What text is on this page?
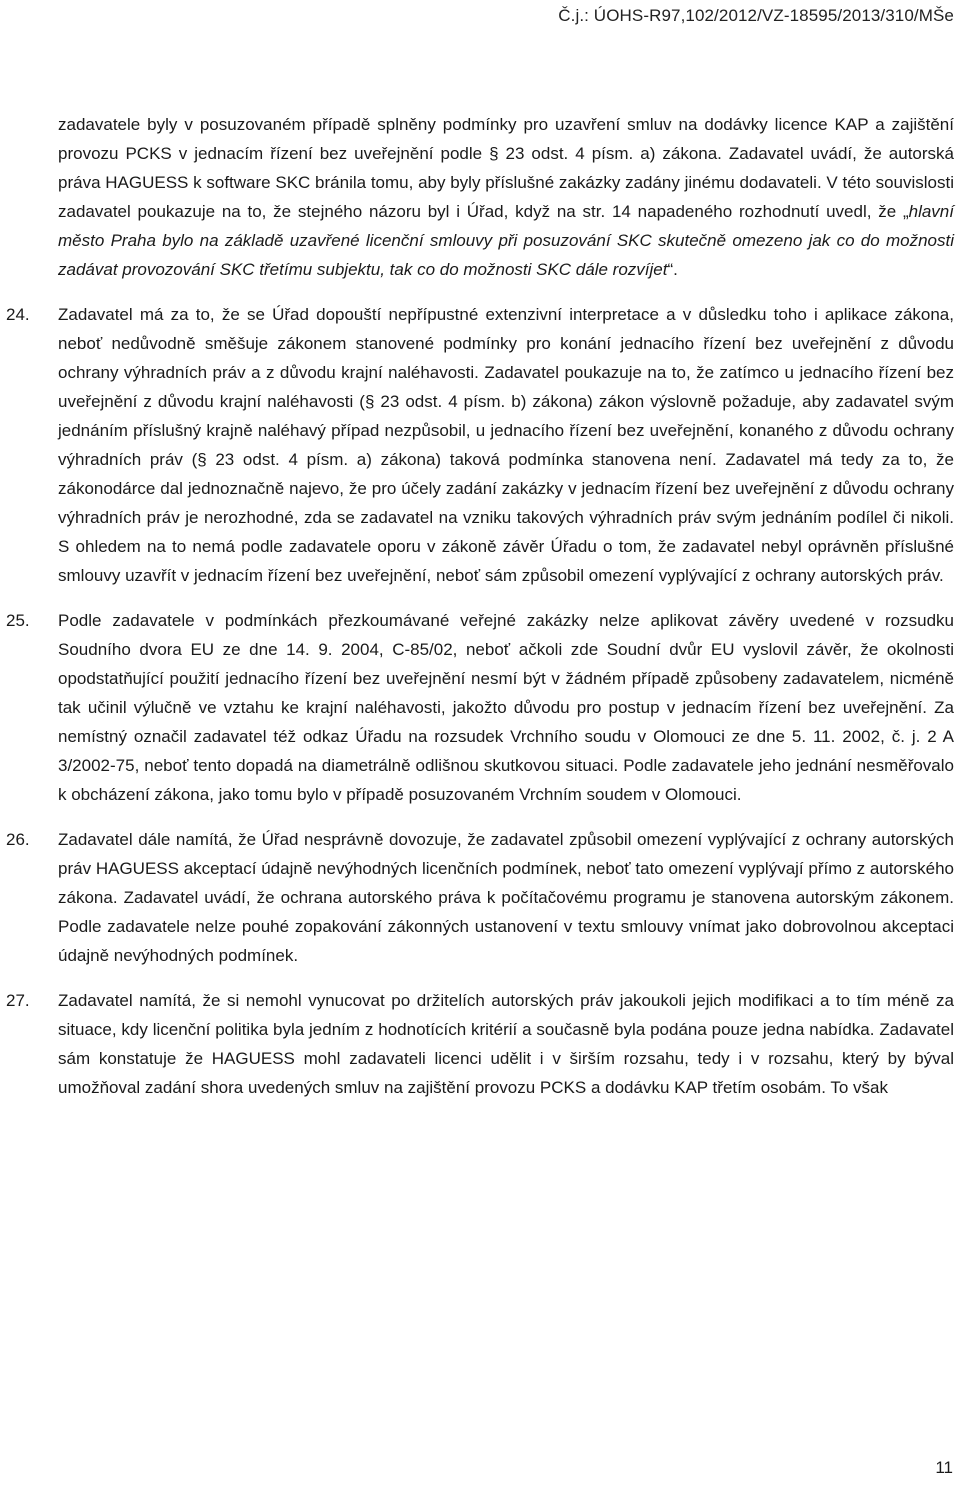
Č.j.: ÚOHS-R97,102/2012/VZ-18595/2013/310/MŠe

zadavatele byly v posuzovaném případě splněny podmínky pro uzavření smluv na dodávky licence KAP a zajištění provozu PCKS v jednacím řízení bez uveřejnění podle § 23 odst. 4 písm. a) zákona. Zadavatel uvádí, že autorská práva HAGUESS k software SKC bránila tomu, aby byly příslušné zakázky zadány jinému dodavateli. V této souvislosti zadavatel poukazuje na to, že stejného názoru byl i Úřad, když na str. 14 napadeného rozhodnutí uvedl, že „hlavní město Praha bylo na základě uzavřené licenční smlouvy při posuzování SKC skutečně omezeno jak co do možnosti zadávat provozování SKC třetímu subjektu, tak co do možnosti SKC dále rozvíjet“.

24. Zadavatel má za to, že se Úřad dopouští nepřípustné extenzivní interpretace a v důsledku toho i aplikace zákona, neboť nedůvodně směšuje zákonem stanovené podmínky pro konání jednacího řízení bez uveřejnění z důvodu ochrany výhradních práv a z důvodu krajní naléhavosti. Zadavatel poukazuje na to, že zatímco u jednacího řízení bez uveřejnění z důvodu krajní naléhavosti (§ 23 odst. 4 písm. b) zákona) zákon výslovně požaduje, aby zadavatel svým jednáním příslušný krajně naléhavý případ nezpůsobil, u jednacího řízení bez uveřejnění, konaného z důvodu ochrany výhradních práv (§ 23 odst. 4 písm. a) zákona) taková podmínka stanovena není. Zadavatel má tedy za to, že zákonodárce dal jednoznačně najevo, že pro účely zadání zakázky v jednacím řízení bez uveřejnění z důvodu ochrany výhradních práv je nerozhodné, zda se zadavatel na vzniku takových výhradních práv svým jednáním podílel či nikoli. S ohledem na to nemá podle zadavatele oporu v zákoně závěr Úřadu o tom, že zadavatel nebyl oprávněn příslušné smlouvy uzavřít v jednacím řízení bez uveřejnění, neboť sám způsobil omezení vyplývající z ochrany autorských práv.

25. Podle zadavatele v podmínkách přezkoumávané veřejné zakázky nelze aplikovat závěry uvedené v rozsudku Soudního dvora EU ze dne 14. 9. 2004, C-85/02, neboť ačkoli zde Soudní dvůr EU vyslovil závěr, že okolnosti opodstatňující použití jednacího řízení bez uveřejnění nesmí být v žádném případě způsobeny zadavatelem, nicméně tak učinil výlučně ve vztahu ke krajní naléhavosti, jakožto důvodu pro postup v jednacím řízení bez uveřejnění. Za nemístný označil zadavatel též odkaz Úřadu na rozsudek Vrchního soudu v Olomouci ze dne 5. 11. 2002, č. j. 2 A 3/2002-75, neboť tento dopadá na diametrálně odlišnou skutkovou situaci. Podle zadavatele jeho jednání nesměřovalo k obcházení zákona, jako tomu bylo v případě posuzovaném Vrchním soudem v Olomouci.

26. Zadavatel dále namítá, že Úřad nesprávně dovozuje, že zadavatel způsobil omezení vyplývající z ochrany autorských práv HAGUESS akceptací údajně nevýhodných licenčních podmínek, neboť tato omezení vyplývají přímo z autorského zákona. Zadavatel uvádí, že ochrana autorského práva k počítačovému programu je stanovena autorským zákonem. Podle zadavatele nelze pouhé zopakování zákonných ustanovení v textu smlouvy vnímat jako dobrovolnou akceptaci údajně nevýhodných podmínek.

27. Zadavatel namítá, že si nemohl vynucovat po držitelích autorských práv jakoukoli jejich modifikaci a to tím méně za situace, kdy licenční politika byla jedním z hodnotících kritérií a současně byla podána pouze jedna nabídka. Zadavatel sám konstatuje že HAGUESS mohl zadavateli licenci udělit i v širším rozsahu, tedy i v rozsahu, který by býval umožňoval zadání shora uvedených smluv na zajištění provozu PCKS a dodávku KAP třetím osobám. To však

11
